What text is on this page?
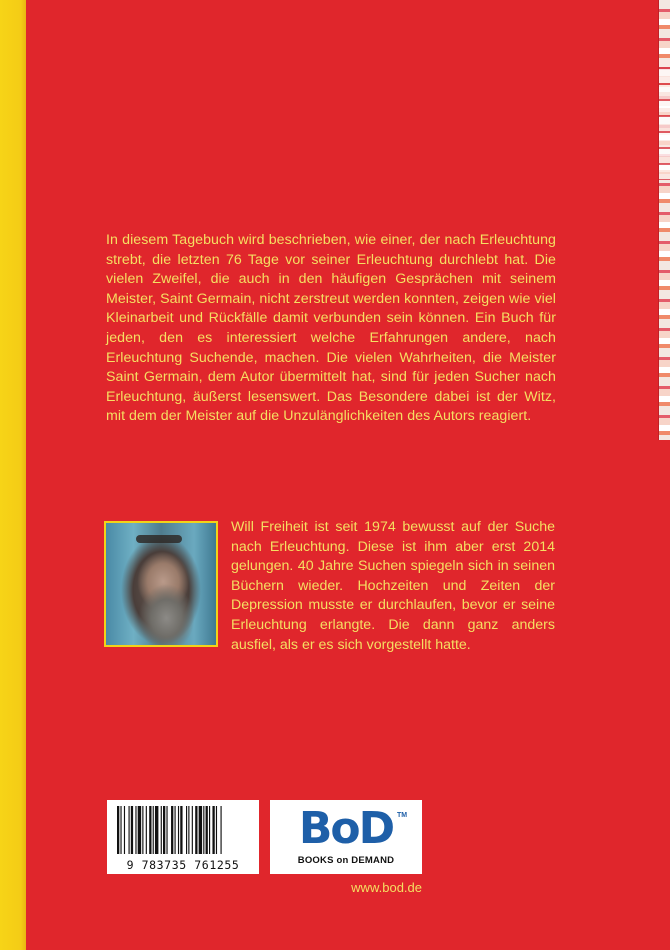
In diesem Tagebuch wird beschrieben, wie einer, der nach Erleuchtung strebt, die letzten 76 Tage vor seiner Erleuchtung durchlebt hat. Die vielen Zweifel, die auch in den häufigen Gesprächen mit seinem Meister, Saint Germain, nicht zerstreut werden konnten, zeigen wie viel Kleinarbeit und Rückfälle damit verbunden sein können. Ein Buch für jeden, den es interessiert welche Erfahrungen andere, nach Erleuchtung Suchende, machen. Die vielen Wahrheiten, die Meister Saint Germain, dem Autor übermittelt hat, sind für jeden Sucher nach Erleuchtung, äußerst lesenswert. Das Besondere dabei ist der Witz, mit dem der Meister auf die Unzulänglichkeiten des Autors reagiert.

Will Freiheit ist seit 1974 bewusst auf der Suche nach Erleuchtung. Diese ist ihm aber erst 2014 gelungen. 40 Jahre Suchen spiegeln sich in seinen Büchern wieder. Hochzeiten und Zeiten der Depression musste er durchlaufen, bevor er seine Erleuchtung erlangte. Die dann ganz anders ausfiel, als er es sich vorgestellt hatte.

9 783735 761255
BoD TM
BOOKS on DEMAND
www.bod.de
